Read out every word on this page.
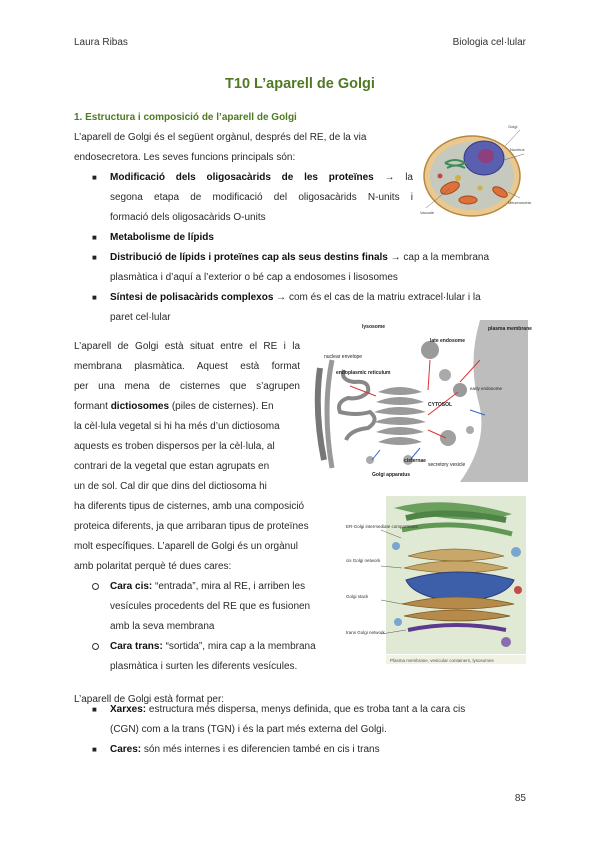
Laura Ribas	Biologia cel·lular
T10 L’aparell de Golgi
1. Estructura i composició de l’aparell de Golgi
L’aparell de Golgi és el següent orgànul, després del RE, de la via
endosecretora. Les seves funcions principals són:
■ Modificació dels oligosacàrids de les proteïnes → la
segona etapa de modificació del oligosacàrids N-units i
formació dels oligosacàrids O-units
■ Metabolisme de lípids
■ Distribució de lípids i proteïnes cap als seus destins finals → cap a la membrana
plasmàtica i d’aquí a l’exterior o bé cap a endosomes i lisosomes
■ Síntesi de polisacàrids complexos → com és el cas de la matriu extracel·lular i la
paret cel·lular
L’aparell de Golgi està situat entre el RE i la
membrana plasmàtica. Aquest està format
per una mena de cisternes que s’agrupen
formant dictiosomes (piles de cisternes). En
la cèl·lula vegetal si hi ha més d’un dictiosoma
aquests es troben dispersos per la cèl·lula, al
contrari de la vegetal que estan agrupats en
un de sol. Cal dir que dins del dictiosoma hi
ha diferents tipus de cisternes, amb una composició
proteica diferents, ja que arribaran tipus de proteïnes
molt específiques. L’aparell de Golgi és un orgànul
amb polaritat perquè té dues cares:
Cara cis: “entrada”, mira al RE, i arriben les
vesícules procedents del RE que es fusionen
amb la seva membrana
Cara trans: “sortida”, mira cap a la membrana
plasmàtica i surten les diferents vesícules.
L’aparell de Golgi està format per:
■ Xarxes: estructura més dispersa, menys definida, que es troba tant a la cara cis
(CGN) com a la trans (TGN) i és la part més externa del Golgi.
■ Cares: són més internes i es diferencien també en cis i trans
85
Golgi
Nucleus
Mitochondria
Vacuole
lysosome
late endosome
plasma membrane
nuclear envelope
endoplasmic reticulum
early endosome
CYTOSOL
cisternae
secretory vesicle
Golgi apparatus
ER-Golgi intermediate compartment
cis Golgi network
Golgi stack
trans Golgi network
Plasma membrane, vesicular containers, lysosomes
